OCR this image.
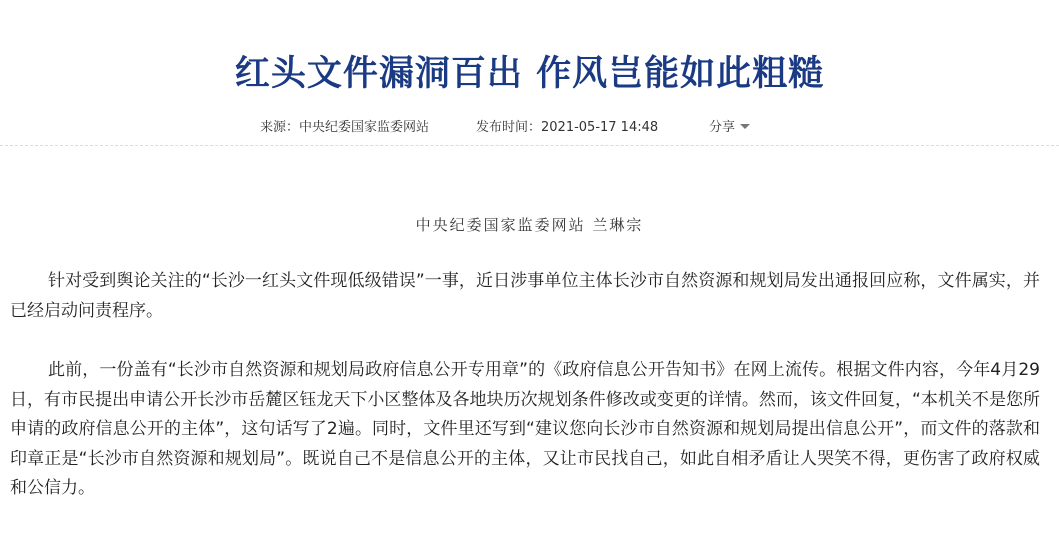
红头文件漏洞百出 作风岂能如此粗糙
来源：中央纪委国家监委网站	发布时间：2021-05-17 14:48	分享
中央纪委国家监委网站 兰琳宗

针对受到舆论关注的“长沙一红头文件现低级错误”一事，近日涉事单位主体长沙市自然资源和规划局发出通报回应称，文件属实，并已经启动问责程序。

此前，一份盖有“长沙市自然资源和规划局政府信息公开专用章”的《政府信息公开告知书》在网上流传。根据文件内容，今年4月29日，有市民提出申请公开长沙市岳麓区钰龙天下小区整体及各地块历次规划条件修改或变更的详情。然而，该文件回复，“本机关不是您所申请的政府信息公开的主体”，这句话写了2遍。同时，文件里还写到“建议您向长沙市自然资源和规划局提出信息公开”，而文件的落款和印章正是“长沙市自然资源和规划局”。既说自己不是信息公开的主体，又让市民找自己，如此自相矛盾让人哭笑不得，更伤害了政府权威和公信力。
